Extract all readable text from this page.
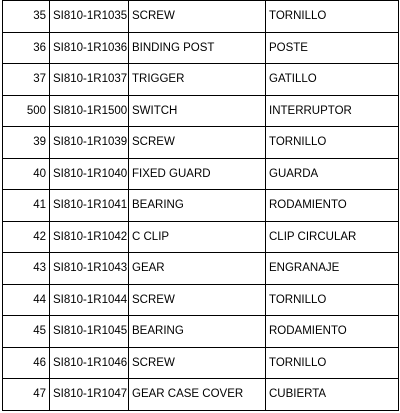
35	SI810-1R1035	SCREW	TORNILLO
36	SI810-1R1036	BINDING POST	POSTE
37	SI810-1R1037	TRIGGER	GATILLO
500	SI810-1R1500	SWITCH	INTERRUPTOR
39	SI810-1R1039	SCREW	TORNILLO
40	SI810-1R1040	FIXED GUARD	GUARDA
41	SI810-1R1041	BEARING	RODAMIENTO
42	SI810-1R1042	C CLIP	CLIP CIRCULAR
43	SI810-1R1043	GEAR	ENGRANAJE
44	SI810-1R1044	SCREW	TORNILLO
45	SI810-1R1045	BEARING	RODAMIENTO
46	SI810-1R1046	SCREW	TORNILLO
47	SI810-1R1047	GEAR CASE COVER	CUBIERTA
